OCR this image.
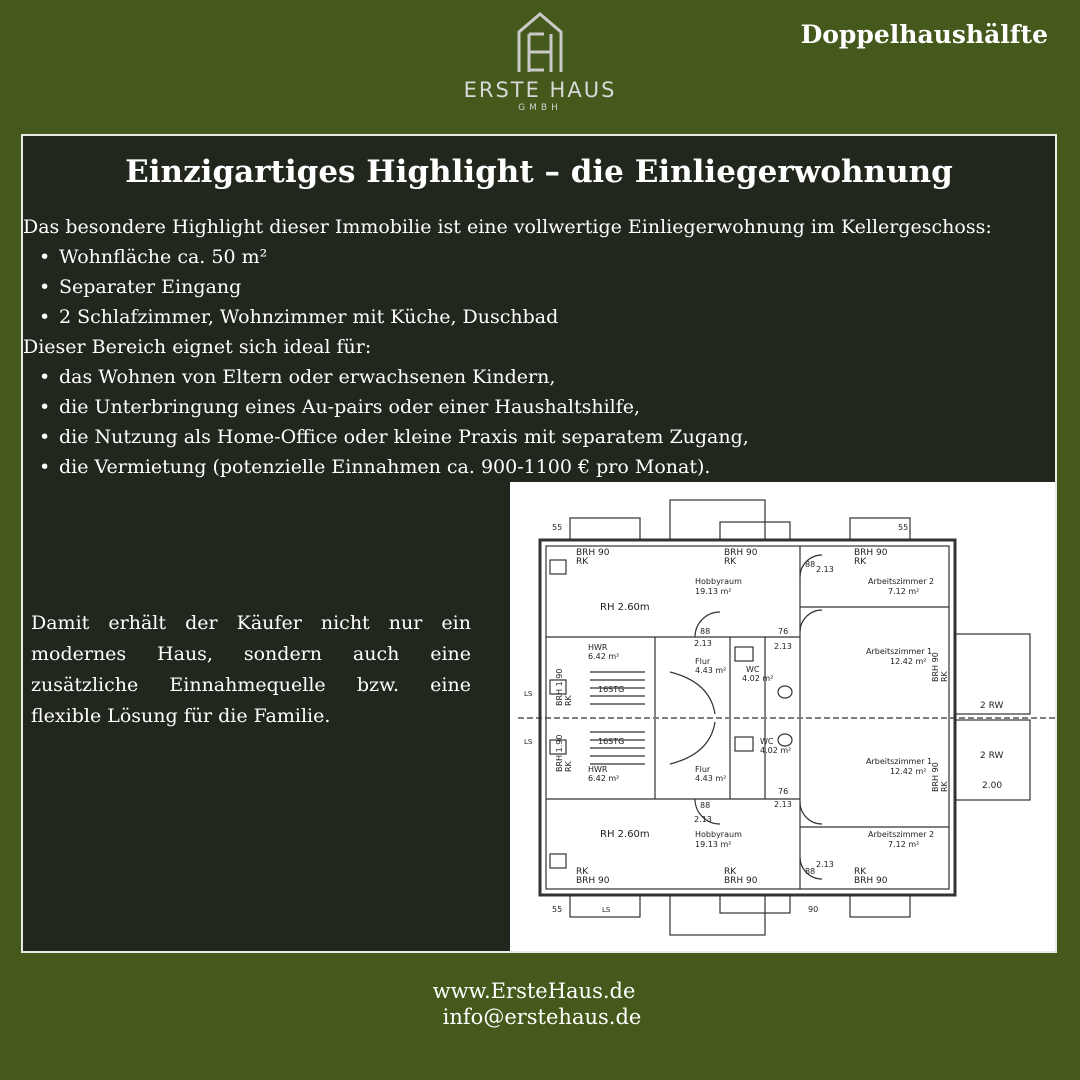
ERSTE HAUS
GMBH
Doppelhaushälfte
Einzigartiges Highlight – die Einliegerwohnung

Das besondere Highlight dieser Immobilie ist eine vollwertige Einliegerwohnung im Kellergeschoss:

• Wohnfläche ca. 50 m²
• Separater Eingang
• 2 Schlafzimmer, Wohnzimmer mit Küche, Duschbad

Dieser Bereich eignet sich ideal für:

• das Wohnen von Eltern oder erwachsenen Kindern,
• die Unterbringung eines Au-pairs oder einer Haushaltshilfe,
• die Nutzung als Home-Office oder kleine Praxis mit separatem Zugang,
• die Vermietung (potenzielle Einnahmen ca. 900-1100 € pro Monat).
Damit erhält der Käufer nicht nur ein modernes Haus, sondern auch eine zusätzliche Einnahmequelle bzw. eine flexible Lösung für die Familie.
BRH 90
RK
BRH 90
RK
BRH 90
RK
RH 2.60m
Hobbyraum
19.13 m²
Arbeitszimmer 2
7.12 m²
Arbeitszimmer 1
12.42 m²
HWR
6.42 m²
Flur
4.43 m² WC
4.02 m²
16STG
HWR
6.42 m²
Flur
4.43 m²
WC
4.02 m²
16STG
Arbeitszimmer 1
12.42 m²
RH 2.60m	Hobbyraum
19.13 m²
Arbeitszimmer 2
7.12 m²
RK
BRH 90
RK
BRH 90
RK
BRH 90
88
2.13
88
2.13
76
2.13
76
2.13
88
2.13
88
2.13
2 RW
2 RW
2.00
LS
LS
LS
55
55
55
90
BRH 1.90 RK
BRH 1.90 RK
BRH 90 RK
BRH 90 RK
www.ErsteHaus.de
info@erstehaus.de
